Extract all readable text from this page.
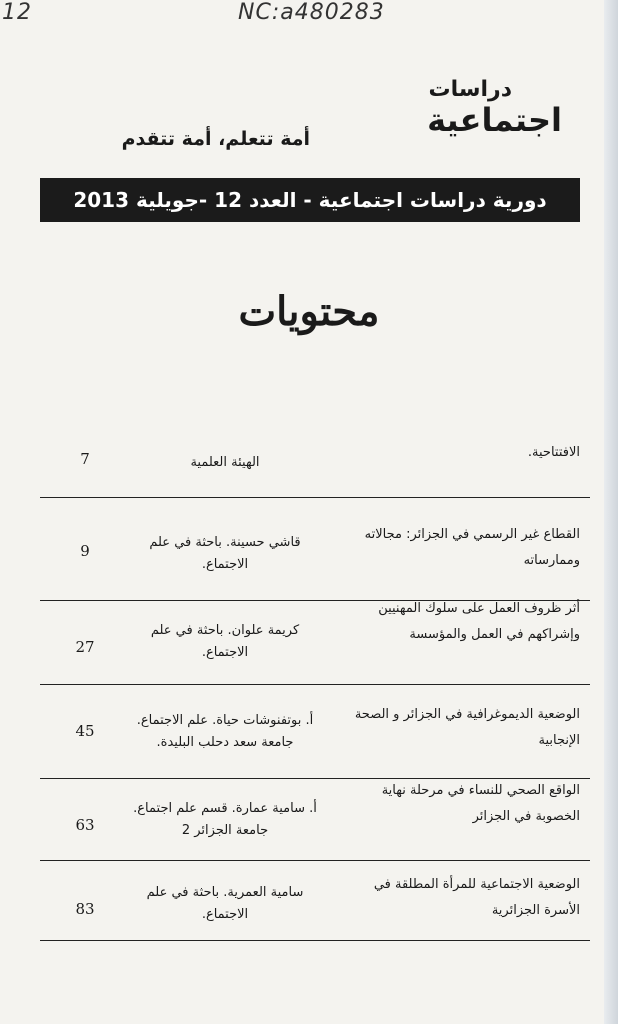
12	NC:a480283
دراسات
اجتماعية
أمة تتعلم، أمة تتقدم
دورية دراسات اجتماعية - العدد 12 -جويلية 2013
محتويات
الافتتاحية.
الهيئة العلمية
7
القطاع غير الرسمي في الجزائر: مجالاته وممارساته
قاشي حسينة. باحثة في علم الاجتماع.
9
أثر ظروف العمل على سلوك المهنيين وإشراكهم في العمل والمؤسسة
كريمة علوان. باحثة في علم الاجتماع.
27
الوضعية الديموغرافية في الجزائر و الصحة الإنجابية
أ. بوتفنوشات حياة. علم الاجتماع. جامعة سعد دحلب البليدة.
45
الواقع الصحي للنساء في مرحلة نهاية الخصوبة في الجزائر
أ. سامية عمارة. قسم علم اجتماع. جامعة الجزائر 2
63
الوضعية الاجتماعية للمرأة المطلقة في الأسرة الجزائرية
سامية العمرية. باحثة في علم الاجتماع.
83
